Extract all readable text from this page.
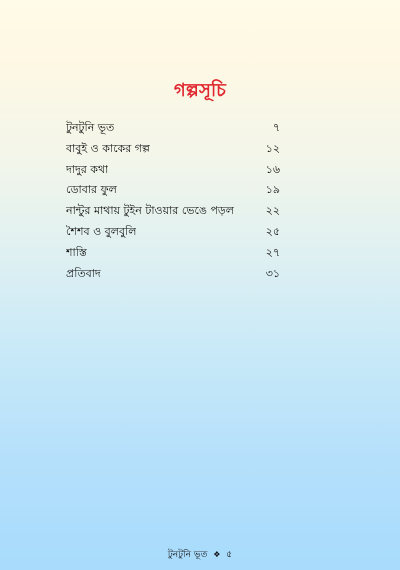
গল্পসূচি
টুনটুনি ভূত	৭
বাবুই ও কাকের গল্প	১২
দাদুর কথা	১৬
ডোবার ফুল	১৯
নান্টুর মাথায় টুইন টাওয়ার ভেঙে পড়ল	২২
শৈশব ও বুলবুলি	২৫
শাস্তি	২৭
প্রতিবাদ	৩১
টুনটুনি ভূত ❖ ৫
